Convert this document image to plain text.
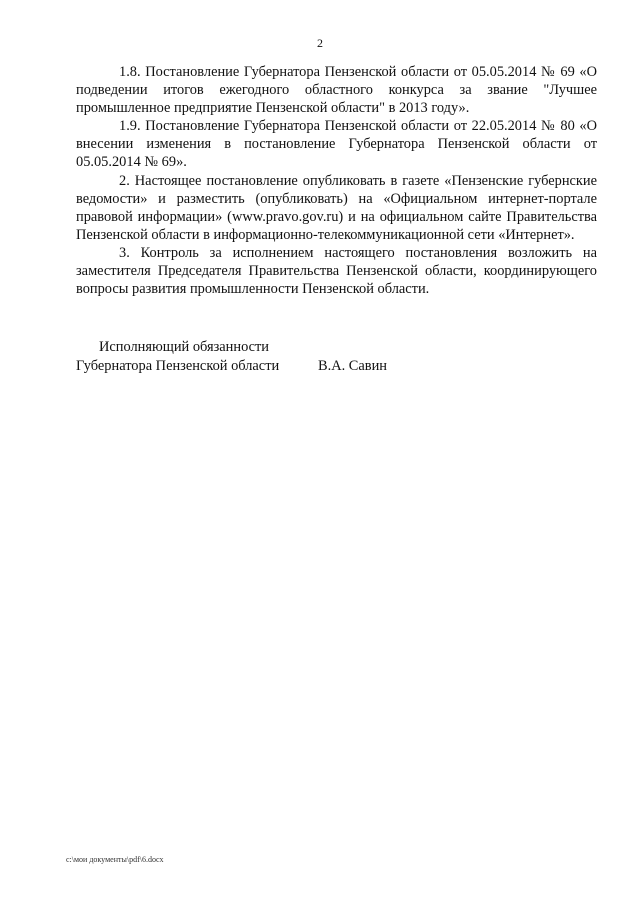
2

1.8. Постановление Губернатора Пензенской области от 05.05.2014 № 69 «О подведении итогов ежегодного областного конкурса за звание "Лучшее промышленное предприятие Пензенской области" в 2013 году».

1.9. Постановление Губернатора Пензенской области от 22.05.2014 № 80 «О внесении изменения в постановление Губернатора Пензенской области от 05.05.2014 № 69».

2. Настоящее постановление опубликовать в газете «Пензенские губернские ведомости» и разместить (опубликовать) на «Официальном интернет-портале правовой информации» (www.pravo.gov.ru) и на официальном сайте Правительства Пензенской области в информационно-телекоммуникационной сети «Интернет».

3. Контроль за исполнением настоящего постановления возложить на заместителя Председателя Правительства Пензенской области, координирующего вопросы развития промышленности Пензенской области.

Исполняющий обязанности
Губернатора Пензенской области	В.А. Савин
c:\мои документы\pdf\6.docx
